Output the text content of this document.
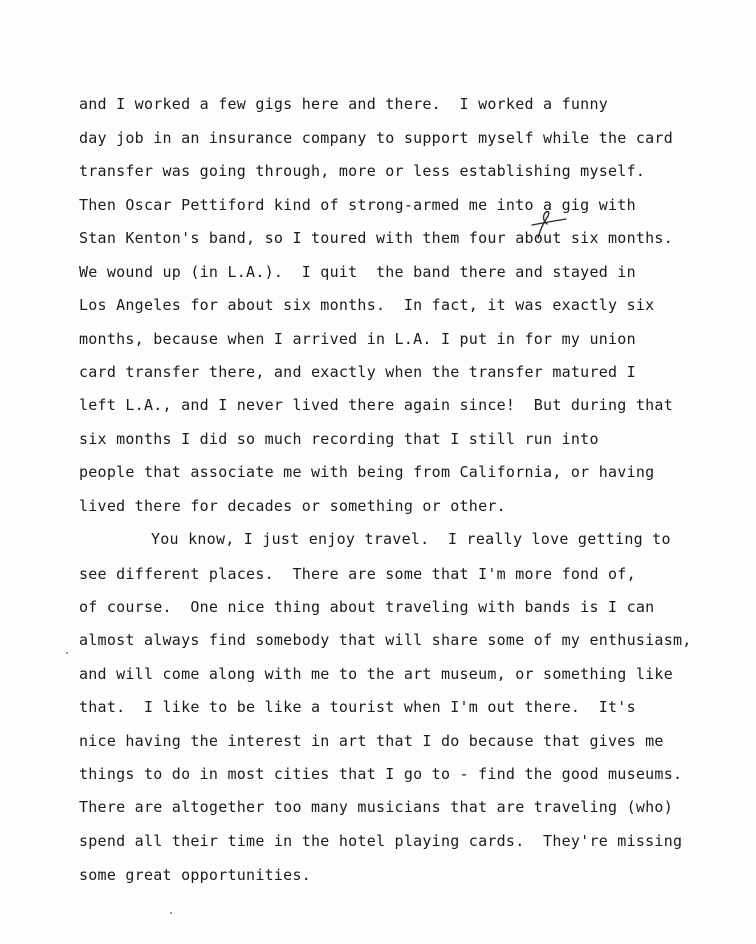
and I worked a few gigs here and there.  I worked a funny
day job in an insurance company to support myself while the card
transfer was going through, more or less establishing myself.
Then Oscar Pettiford kind of strong-armed me into a gig with
Stan Kenton's band, so I toured with them four about six months.
We wound up (in L.A.).  I quit  the band there and stayed in
Los Angeles for about six months.  In fact, it was exactly six
months, because when I arrived in L.A. I put in for my union
card transfer there, and exactly when the transfer matured I
left L.A., and I never lived there again since!  But during that
six months I did so much recording that I still run into
people that associate me with being from California, or having
lived there for decades or something or other.
You know, I just enjoy travel.  I really love getting to
see different places.  There are some that I'm more fond of,
of course.  One nice thing about traveling with bands is I can
almost always find somebody that will share some of my enthusiasm,
and will come along with me to the art museum, or something like
that.  I like to be like a tourist when I'm out there.  It's
nice having the interest in art that I do because that gives me
things to do in most cities that I go to - find the good museums.
There are altogether too many musicians that are traveling (who)
spend all their time in the hotel playing cards.  They're missing
some great opportunities.
